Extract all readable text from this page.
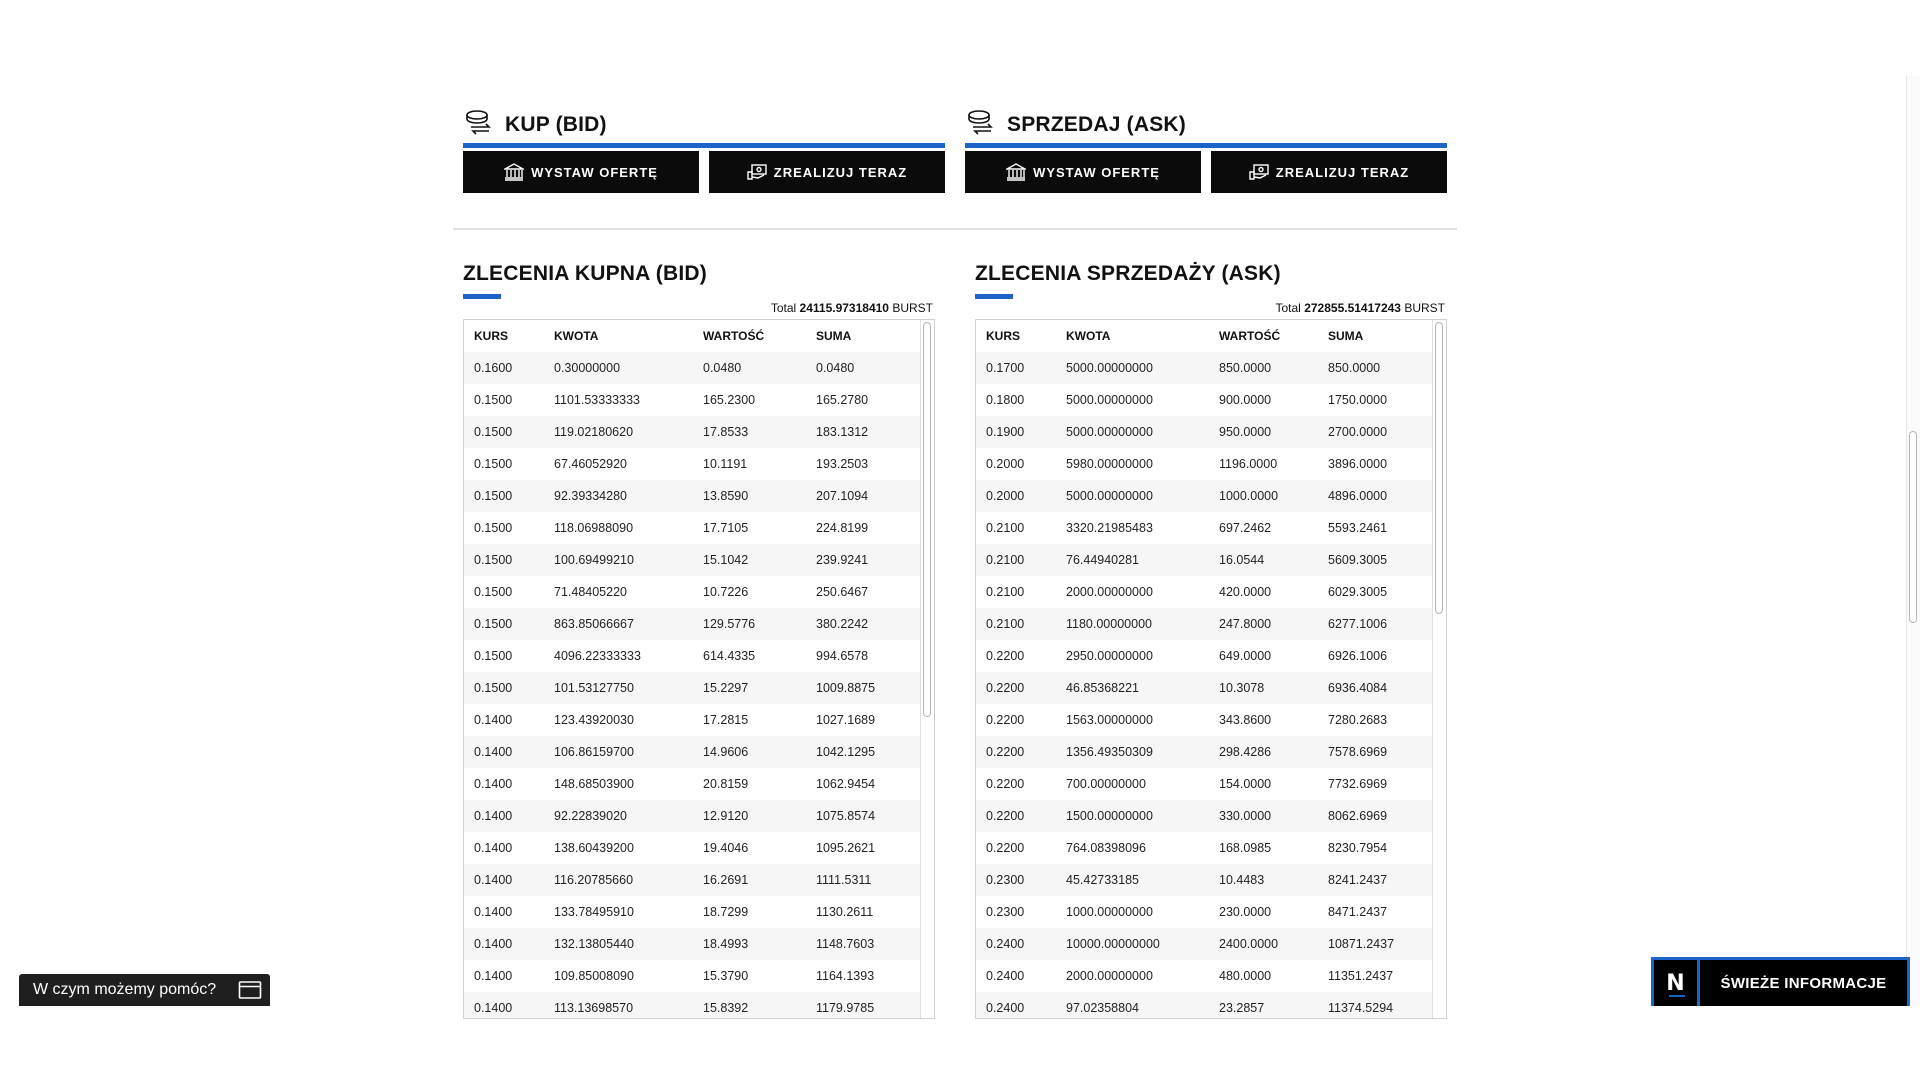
KUP (BID)
WYSTAW OFERTĘ	ZREALIZUJ TERAZ
SPRZEDAJ (ASK)
WYSTAW OFERTĘ	ZREALIZUJ TERAZ
ZLECENIA KUPNA (BID)
Total 24115.97318410 BURST
KURS	KWOTA	WARTOŚĆ	SUMA
0.1600	0.30000000	0.0480	0.0480
0.1500	1101.53333333	165.2300	165.2780
0.1500	119.02180620	17.8533	183.1312
0.1500	67.46052920	10.1191	193.2503
0.1500	92.39334280	13.8590	207.1094
0.1500	118.06988090	17.7105	224.8199
0.1500	100.69499210	15.1042	239.9241
0.1500	71.48405220	10.7226	250.6467
0.1500	863.85066667	129.5776	380.2242
0.1500	4096.22333333	614.4335	994.6578
0.1500	101.53127750	15.2297	1009.8875
0.1400	123.43920030	17.2815	1027.1689
0.1400	106.86159700	14.9606	1042.1295
0.1400	148.68503900	20.8159	1062.9454
0.1400	92.22839020	12.9120	1075.8574
0.1400	138.60439200	19.4046	1095.2621
0.1400	116.20785660	16.2691	1111.5311
0.1400	133.78495910	18.7299	1130.2611
0.1400	132.13805440	18.4993	1148.7603
0.1400	109.85008090	15.3790	1164.1393
0.1400	113.13698570	15.8392	1179.9785
ZLECENIA SPRZEDAŻY (ASK)
Total 272855.51417243 BURST
KURS	KWOTA	WARTOŚĆ	SUMA
0.1700	5000.00000000	850.0000	850.0000
0.1800	5000.00000000	900.0000	1750.0000
0.1900	5000.00000000	950.0000	2700.0000
0.2000	5980.00000000	1196.0000	3896.0000
0.2000	5000.00000000	1000.0000	4896.0000
0.2100	3320.21985483	697.2462	5593.2461
0.2100	76.44940281	16.0544	5609.3005
0.2100	2000.00000000	420.0000	6029.3005
0.2100	1180.00000000	247.8000	6277.1006
0.2200	2950.00000000	649.0000	6926.1006
0.2200	46.85368221	10.3078	6936.4084
0.2200	1563.00000000	343.8600	7280.2683
0.2200	1356.49350309	298.4286	7578.6969
0.2200	700.00000000	154.0000	7732.6969
0.2200	1500.00000000	330.0000	8062.6969
0.2200	764.08398096	168.0985	8230.7954
0.2300	45.42733185	10.4483	8241.2437
0.2300	1000.00000000	230.0000	8471.2437
0.2400	10000.00000000	2400.0000	10871.2437
0.2400	2000.00000000	480.0000	11351.2437
0.2400	97.02358804	23.2857	11374.5294
W czym możemy pomóc?	N	ŚWIEŻE INFORMACJE
